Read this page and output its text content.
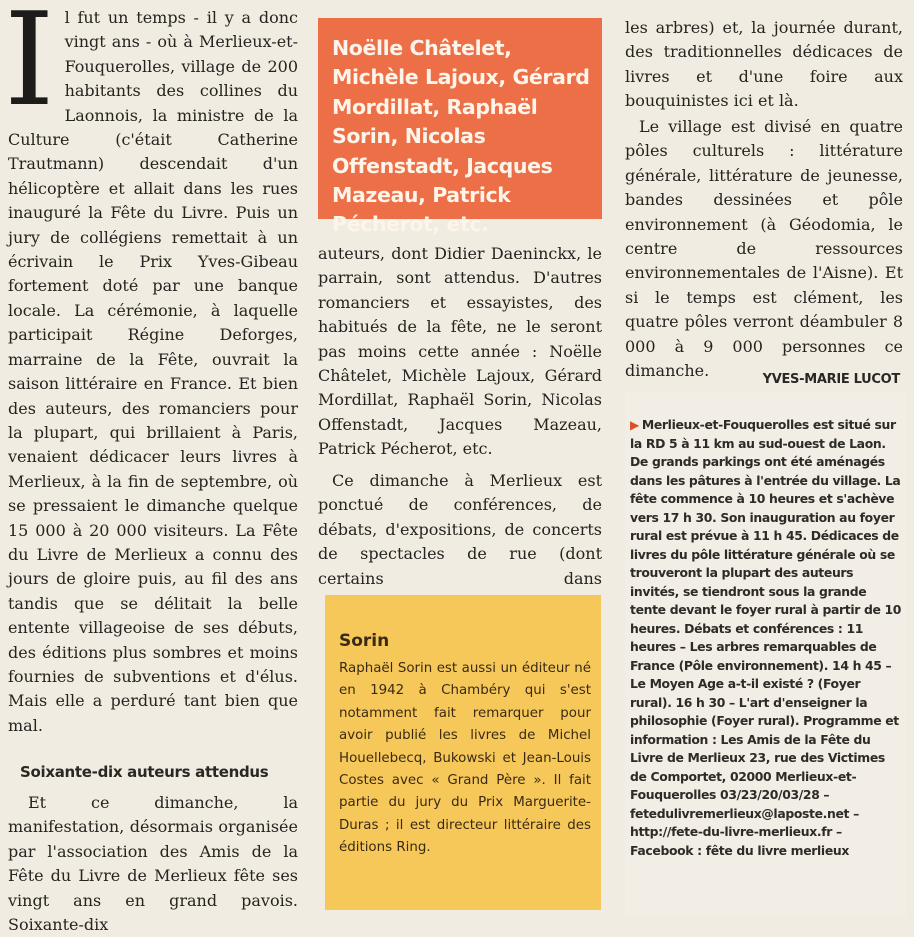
Il fut un temps - il y a donc vingt ans - où à Merlieux-et-Fouquerolles, village de 200 habitants des collines du Laonnois, la ministre de la Culture (c'était Catherine Trautmann) descendait d'un hélicoptère et allait dans les rues inauguré la Fête du Livre. Puis un jury de collégiens remettait à un écrivain le Prix Yves-Gibeau fortement doté par une banque locale. La cérémonie, à laquelle participait Régine Deforges, marraine de la Fête, ouvrait la saison littéraire en France. Et bien des auteurs, des romanciers pour la plupart, qui brillaient à Paris, venaient dédicacer leurs livres à Merlieux, à la fin de septembre, où se pressaient le dimanche quelque 15 000 à 20 000 visiteurs. La Fête du Livre de Merlieux a connu des jours de gloire puis, au fil des ans tandis que se délitait la belle entente villageoise de ses débuts, des éditions plus sombres et moins fournies de subventions et d'élus. Mais elle a perduré tant bien que mal.

Soixante-dix auteurs attendus

Et ce dimanche, la manifestation, désormais organisée par l'association des Amis de la Fête du Livre de Merlieux fête ses vingt ans en grand pavois. Soixante-dix

Noëlle Châtelet, Michèle Lajoux, Gérard Mordillat, Raphaël Sorin, Nicolas Offenstadt, Jacques Mazeau, Patrick Pécherot, etc.

auteurs, dont Didier Daeninckx, le parrain, sont attendus. D'autres romanciers et essayistes, des habitués de la fête, ne le seront pas moins cette année : Noëlle Châtelet, Michèle Lajoux, Gérard Mordillat, Raphaël Sorin, Nicolas Offenstadt, Jacques Mazeau, Patrick Pécherot, etc.

Ce dimanche à Merlieux est ponctué de conférences, de débats, d'expositions, de concerts de spectacles de rue (dont certains dans

Sorin

Raphaël Sorin est aussi un éditeur né en 1942 à Chambéry qui s'est notamment fait remarquer pour avoir publié les livres de Michel Houellebecq, Bukowski et Jean-Louis Costes avec « Grand Père ». Il fait partie du jury du Prix Marguerite-Duras ; il est directeur littéraire des éditions Ring.

les arbres) et, la journée durant, des traditionnelles dédicaces de livres et d'une foire aux bouquinistes ici et là.

Le village est divisé en quatre pôles culturels : littérature générale, littérature de jeunesse, bandes dessinées et pôle environnement (à Géodomia, le centre de ressources environnementales de l'Aisne). Et si le temps est clément, les quatre pôles verront déambuler 8 000 à 9 000 personnes ce dimanche.	YVES-MARIE LUCOT

▶ Merlieux-et-Fouquerolles est situé sur la RD 5 à 11 km au sud-ouest de Laon. De grands parkings ont été aménagés dans les pâtures à l'entrée du village. La fête commence à 10 heures et s'achève vers 17 h 30. Son inauguration au foyer rural est prévue à 11 h 45. Dédicaces de livres du pôle littérature générale où se trouveront la plupart des auteurs invités, se tiendront sous la grande tente devant le foyer rural à partir de 10 heures. Débats et conférences : 11 heures – Les arbres remarquables de France (Pôle environnement). 14 h 45 – Le Moyen Age a-t-il existé ? (Foyer rural). 16 h 30 – L'art d'enseigner la philosophie (Foyer rural). Programme et information : Les Amis de la Fête du Livre de Merlieux 23, rue des Victimes de Comportet, 02000 Merlieux-et-Fouquerolles 03/23/20/03/28 – fetedulivremerlieux@laposte.net – http://fete-du-livre-merlieux.fr – Facebook : fête du livre merlieux
